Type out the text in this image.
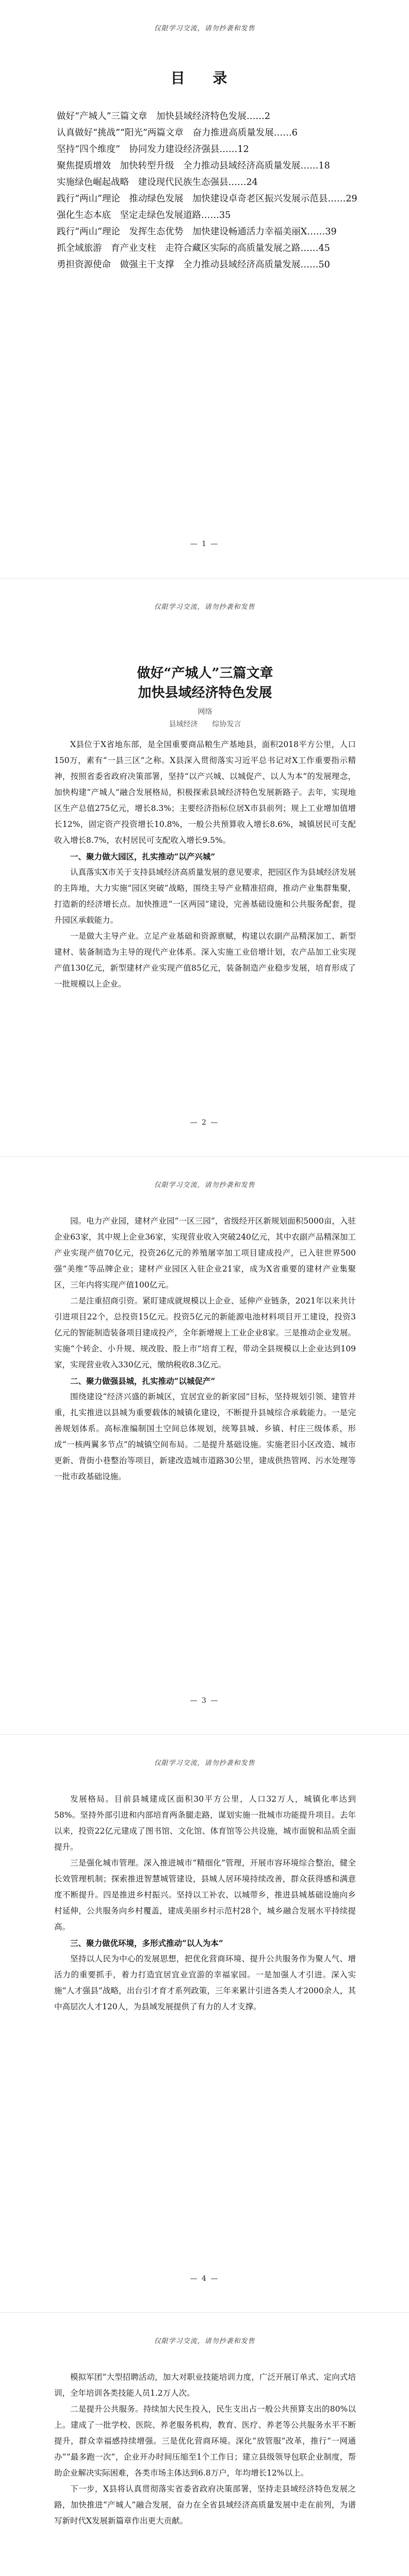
仅限学习交流，请勿抄袭和发售
目 录
做好“产城人”三篇文章　加快县域经济特色发展……2
认真做好“挑战”“阳光”两篇文章　奋力推进高质量发展……6
坚持“四个维度”　协同发力建设经济强县……12
聚焦提质增效　加快转型升级　全力推动县域经济高质量发展……18
实施绿色崛起战略　建设现代民族生态强县……24
践行“两山”理论　推动绿色发展　加快建设卓奇老区振兴发展示范县……29
强化生态本底　坚定走绿色发展道路……35
践行“两山”理论　发挥生态优势　加快建设畅通活力幸福美丽X……39
抓全域旅游　育产业支柱　走符合藏区实际的高质量发展之路……45
勇担资源使命　做强主干支撑　全力推动县域经济高质量发展……50
— 1 —
仅限学习交流，请勿抄袭和发售
做好“产城人”三篇文章
加快县域经济特色发展
网络
县域经济　　综协发言

X县位于X省地东部，是全国重要商品粮生产基地县，面积2018平方公里，人口150万，素有“一县三区”之称。X县深入贯彻落实习近平总书记对X工作重要指示精神，按照省委省政府决策部署，坚持“以产兴城、以城促产、以人为本”的发展理念，加快构建“产城人”融合发展格局，积极探索县域经济特色发展新路子。去年，实现地区生产总值275亿元，增长8.3%；主要经济指标位居X市县前列；规上工业增加值增长12%，固定资产投资增长10.8%，一般公共预算收入增长8.6%，城镇居民可支配收入增长8.7%，农村居民可支配收入增长9.5%。

一、聚力做大园区，扎实推动“以产兴城”

认真落实X市关于支持县域经济高质量发展的意见要求，把园区作为县域经济发展的主阵地，大力实施“园区突破”战略，围绕主导产业精准招商，推动产业集群集聚，打造新的经济增长点。加快推进“一区两园”建设，完善基础设施和公共服务配套，提升园区承载能力。

一是做大主导产业。立足产业基础和资源禀赋，构建以农副产品精深加工、新型建材、装备制造为主导的现代产业体系。深入实施工业倍增计划，农产品加工业实现产值130亿元，新型建材产业实现产值85亿元，装备制造产业稳步发展，培育形成了一批规模以上企业。

— 2 —
仅限学习交流，请勿抄袭和发售

园。电力产业园，建材产业园“一区三园”，省级经开区新规划面积5000亩，入驻企业63家，其中规上企业36家，实现营业收入突破240亿元，其中农副产品精深加工产业实现产值70亿元，投资26亿元的养殖屠宰加工项目建成投产，已入驻世界500强“美维”等品牌企业；建材产业园区入驻企业21家，成为X省重要的建材产业集聚区，三年内将实现产值100亿元。

二是注重招商引资。紧盯建成就规模以上企业、延伸产业链条，2021年以来共计引进项目22个，总投资15亿元。投资5亿元的新能源电池材料项目开工建设，投资3亿元的智能制造装备项目建成投产，全年新增规上工业企业8家。三是推动企业发展。实施“个转企、小升规、规改股、股上市”培育工程，带动全县规模以上企业达到109家，实现营业收入330亿元，缴纳税收8.3亿元。

二、聚力做强县城，扎实推动“以城促产”

围绕建设“经济兴盛的新城区，宜居宜业的新家园”目标，坚持规划引领、建管并重，扎实推进以县城为重要载体的城镇化建设，不断提升县城综合承载能力。一是完善规划体系。高标准编制国土空间总体规划，统筹县城、乡镇、村庄三级体系，形成“一核两翼多节点”的城镇空间布局。二是提升基础设施。实施老旧小区改造、城市更新、背街小巷整治等项目，新建改造城市道路30公里，建成供热管网、污水处理等一批市政基础设施。

— 3 —
仅限学习交流，请勿抄袭和发售

发展格局。目前县城建成区面积30平方公里，人口32万人，城镇化率达到58%。坚持外部引进和内部培育两条腿走路，谋划实施一批城市功能提升项目。去年以来，投资22亿元建成了图书馆、文化馆、体育馆等公共设施，城市面貌和品质全面提升。

三是强化城市管理。深入推进城市“精细化”管理，开展市容环境综合整治，健全长效管理机制；探索推进智慧城管建设，县城人居环境持续改善，群众获得感和满意度不断提升。四是推进乡村振兴。坚持以工补农、以城带乡，推进县城基础设施向乡村延伸，公共服务向乡村覆盖，建成美丽乡村示范村28个，城乡融合发展水平持续提高。

三、聚力做优环境，多形式推动“以人为本”

坚持以人民为中心的发展思想，把优化营商环境、提升公共服务作为聚人气、增活力的重要抓手，着力打造宜居宜业宜游的幸福家园。一是加强人才引进。深入实施“人才强县”战略，出台引才育才系列政策，三年来累计引进各类人才2000余人，其中高层次人才120人，为县域发展提供了有力的人才支撑。

— 4 —
仅限学习交流，请勿抄袭和发售

模拟军团”大型招聘活动，加大对职业技能培训力度，广泛开展订单式、定向式培训，全年培训各类技能人员1.2万人次。

二是提升公共服务。持续加大民生投入，民生支出占一般公共预算支出的80%以上。建成了一批学校、医院、养老服务机构，教育、医疗、养老等公共服务水平不断提升，群众幸福感持续增强。三是优化营商环境。深化“放管服”改革，推行“一网通办”“最多跑一次”，企业开办时间压缩至1个工作日；建立县级领导包联企业制度，帮助企业解决实际困难，各类市场主体达到6.8万户，年均增长12%以上。

下一步，X县将认真贯彻落实省委省政府决策部署，坚持走县域经济特色发展之路，加快推进“产城人”融合发展，奋力在全省县域经济高质量发展中走在前列，为谱写新时代X发展新篇章作出更大贡献。
